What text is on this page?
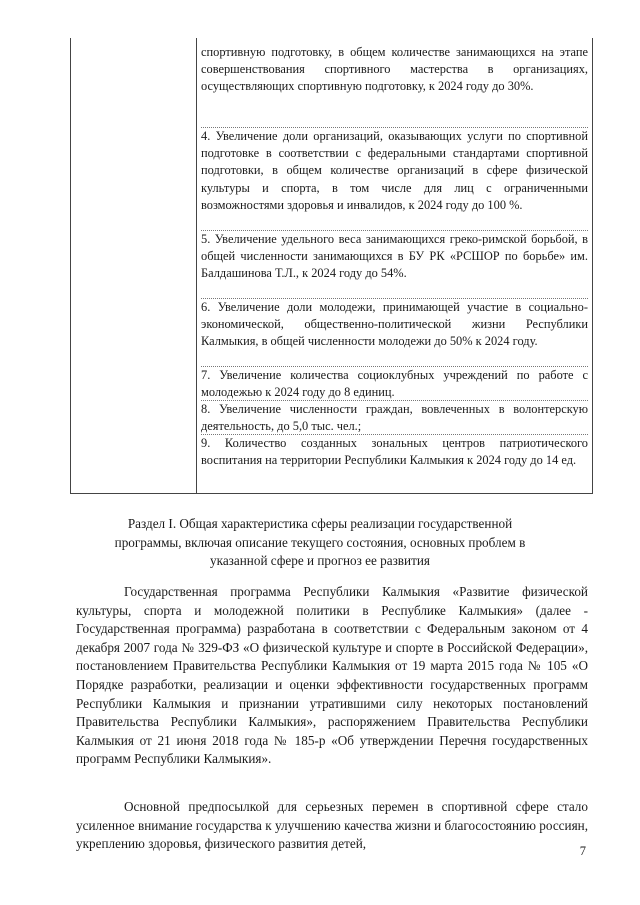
спортивную подготовку, в общем количестве занимающихся на этапе совершенствования спортивного мастерства в организациях, осуществляющих спортивную подготовку, к 2024 году до 30%.
4. Увеличение доли организаций, оказывающих услуги по спортивной подготовке в соответствии с федеральными стандартами спортивной подготовки, в общем количестве организаций в сфере физической культуры и спорта, в том числе для лиц с ограниченными возможностями здоровья и инвалидов, к 2024 году до 100 %.
5. Увеличение удельного веса занимающихся греко-римской борьбой, в общей численности занимающихся в БУ РК «РСШОР по борьбе» им. Балдашинова Т.Л., к 2024 году до 54%.
6. Увеличение доли молодежи, принимающей участие в социально-экономической, общественно-политической жизни Республики Калмыкия, в общей численности молодежи до 50% к 2024 году.
7. Увеличение количества социоклубных учреждений по работе с молодежью к 2024 году до 8 единиц.
8. Увеличение численности граждан, вовлеченных в волонтерскую деятельность, до 5,0 тыс. чел.;
9. Количество созданных зональных центров патриотического воспитания на территории Республики Калмыкия к 2024 году до 14 ед.
Раздел I. Общая характеристика сферы реализации государственной программы, включая описание текущего состояния, основных проблем в указанной сфере и прогноз ее развития
Государственная программа Республики Калмыкия «Развитие физической культуры, спорта и молодежной политики в Республике Калмыкия» (далее - Государственная программа) разработана в соответствии с Федеральным законом от 4 декабря 2007 года № 329-ФЗ «О физической культуре и спорте в Российской Федерации», постановлением Правительства Республики Калмыкия от 19 марта 2015 года № 105 «О Порядке разработки, реализации и оценки эффективности государственных программ Республики Калмыкия и признании утратившими силу некоторых постановлений Правительства Республики Калмыкия», распоряжением Правительства Республики Калмыкия от 21 июня 2018 года № 185-р «Об утверждении Перечня государственных программ Республики Калмыкия».
Основной предпосылкой для серьезных перемен в спортивной сфере стало усиленное внимание государства к улучшению качества жизни и благосостоянию россиян, укреплению здоровья, физического развития детей,	7
